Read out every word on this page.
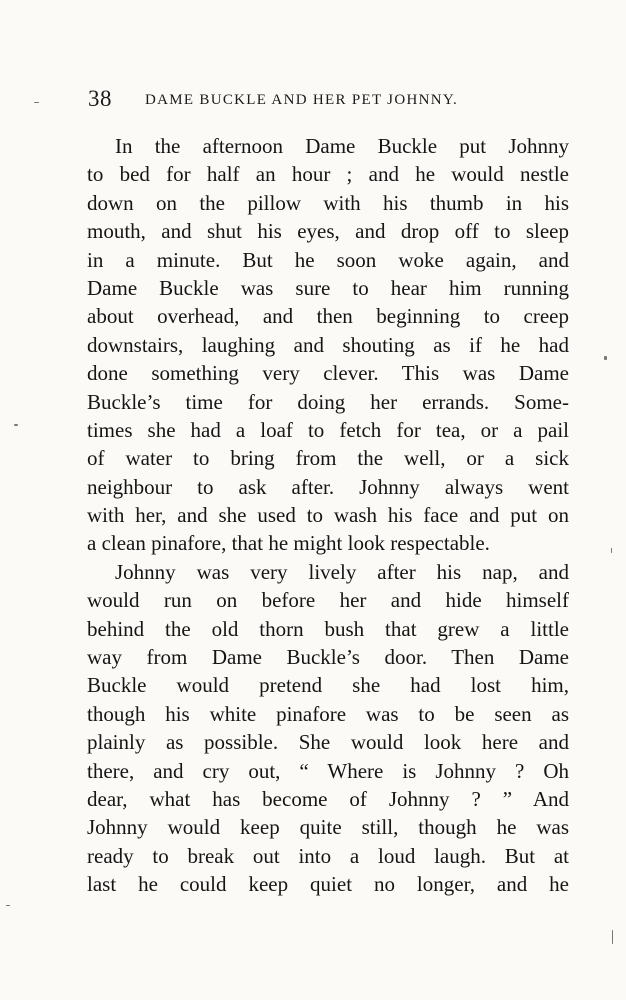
38 DAME BUCKLE AND HER PET JOHNNY.
In the afternoon Dame Buckle put Johnny
to bed for half an hour ; and he would nestle
down on the pillow with his thumb in his
mouth, and shut his eyes, and drop off to sleep
in a minute. But he soon woke again, and
Dame Buckle was sure to hear him running
about overhead, and then beginning to creep
downstairs, laughing and shouting as if he had
done something very clever. This was Dame
Buckle’s time for doing her errands. Some-
times she had a loaf to fetch for tea, or a pail
of water to bring from the well, or a sick
neighbour to ask after. Johnny always went
with her, and she used to wash his face and put on
a clean pinafore, that he might look respectable.
Johnny was very lively after his nap, and
would run on before her and hide himself
behind the old thorn bush that grew a little
way from Dame Buckle’s door. Then Dame
Buckle would pretend she had lost him,
though his white pinafore was to be seen as
plainly as possible. She would look here and
there, and cry out, “ Where is Johnny ? Oh
dear, what has become of Johnny ? ” And
Johnny would keep quite still, though he was
ready to break out into a loud laugh. But at
last he could keep quiet no longer, and he
